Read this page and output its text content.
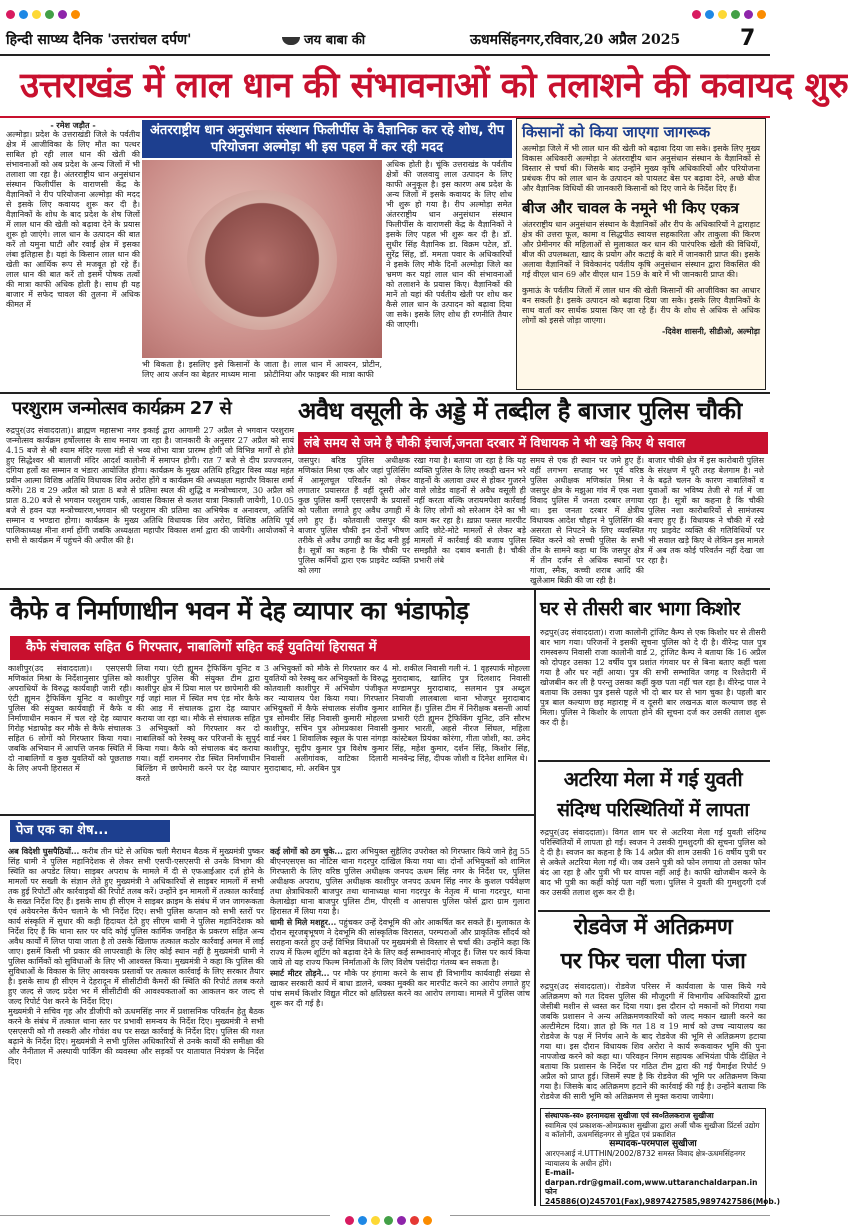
हिन्दी साप्ध्य दैनिक 'उत्तरांचल दर्पण'	जय बाबा की	ऊधमसिंहनगर,रविवार,20 अप्रैल 2025	7
उत्तराखंड में लाल धान की संभावनाओं को तलाशने की कवायद शुरु

- रमेश जड़ौत -

अल्मोड़ा। प्रदेश के उत्तराखंडी जिले के पर्वतीय क्षेत्र में आजीविका के लिए मौत का पत्थर साबित हो रही लाल धान की खेती की संभावनाओं को अब प्रदेश के अन्य जिलों में भी तलाशा जा रहा है। अंतरराष्ट्रीय धान अनुसंधान संस्थान फिलीपींस के वाराणसी केंद्र के वैज्ञानिकों ने रीप परियोजना अल्मोड़ा की मदद से इसके लिए कवायद शुरू कर दी है। वैज्ञानिकों के शोध के बाद प्रदेश के शेष जिलों में लाल धान की खेती को बढ़ावा देने के प्रयास शुरू हो जाएंगे। लाल धान के उत्पादन की बात करें तो यमुना घाटी और रवाईं क्षेत्र में इसका लंबा इतिहास है। यहां के किसान लाल धान की खेती का आर्थिक रूप से मजबूत हो रहे हैं। लाल धान की बात करें तो इसमें पोषक तत्वों की मात्रा काफी अधिक होती है। साथ ही यह बाजार में सफेद चावल की तुलना में अधिक कीमत में

अंतरराष्ट्रीय धान अनुसंधान संस्थान फिलीपींस के वैज्ञानिक कर रहे शोध, रीप परियोजना अल्मोड़ा भी इस पहल में कर रही मदद
भी बिकता है। इसलिए इसे किसानों के लिए आय अर्जन का बेहतर माध्यम माना
जाता है। लाल धान में आयरन, प्रोटीन, फ्रोटीनिया और फाइबर की मात्रा काफी
अधिक होती है। चूंकि उत्तराखंड के पर्वतीय क्षेत्रों की जलवायु लाल उत्पादन के लिए काफी अनुकूल है। इस कारण अब प्रदेश के अन्य जिलों में इसके कवायद के लिए शोध भी शुरू हो गया है। रीप अल्मोड़ा समेत अंतरराष्ट्रीय धान अनुसंधान संस्थान फिलीपींस के वाराणसी केंद्र के वैज्ञानिकों ने इसके लिए पहल भी शुरू कर दी है। डॉ. सुधीर सिंह वैज्ञानिक डा. विक्रम पटेल, डॉ. सुरेंद्र सिंह, डॉ. ममता पवार के अधिकारियों ने इसके लिए मौके दिनों अल्मोड़ा जिले का भ्रमण कर यहां लाल धान की संभावनाओं को तलाशने के प्रयास किए। वैज्ञानिकों की मानें तो यहां की पर्वतीय खेती पर शोध कर कैसे लाल धान के उत्पादन को बढ़ावा दिया जा सके। इसके लिए शोध ही रणनीति तैयार की जाएगी।
किसानों को किया जाएगा जागरूक
अल्मोड़ा जिले में भी लाल धान की खेती को बढ़ावा दिया जा सके। इसके लिए मुख्य विकास अधिकारी अल्मोड़ा ने अंतरराष्ट्रीय धान अनुसंधान संस्थान के वैज्ञानिकों से विस्तार से चर्चा की। जिसके बाद उन्होंने मुख्य कृषि अधिकारियों और परियोजना प्रबंधक रीप को लाल धान के उत्पादन को पायलट बेस पर बढ़ावा देने, अच्छे बीज और वैज्ञानिक विधियों की जानकारी किसानों को दिए जाने के निर्देश दिए हैं।
बीज और चावल के नमूने भी किए एकत्र
अंतरराष्ट्रीय धान अनुसंधान संस्थान के वैज्ञानिकों और रीप के अधिकारियों ने द्वाराहाट क्षेत्र की उत्तरा फूल, कामा व सिद्धपीठ स्वायत्त सहकारिता और ताकुला की किरण और प्रेमीनगर की महिलाओं से मुलाकात कर धान की पारंपरिक खेती की विधियों, बीज की उपलब्धता, खाद के प्रयोग और कटाई के बारे में जानकारी प्राप्त की। इसके अलावा वैज्ञानिकों ने विवेकानंद पर्वतीय कृषि अनुसंधान संस्थान द्वारा विकसित की गई वीएल धान 69 और वीएल धान 159 के बारे में भी जानकारी प्राप्त की।
कुमाऊं के पर्वतीय जिलों में लाल धान की खेती किसानों की आजीविका का आधार बन सकती है। इसके उत्पादन को बढ़ावा दिया जा सके। इसके लिए वैज्ञानिकों के साथ वार्ता कर सार्थक प्रयास किए जा रहे हैं। रीप के शोध से अधिक से अधिक लोगों को इससे जोड़ा जाएगा।
-दिवेश शासनी, सीडीओ, अल्मोड़ा
परशुराम जन्मोत्सव कार्यक्रम 27 से
रुद्रपुर(उद संवाददाता)। ब्राह्मण महासभा नगर इकाई द्वारा आगामी 27 अप्रैल से भगवान परशुराम जन्मोत्सव कार्यक्रम हर्षोल्लास के साथ मनाया जा रहा है। जानकारी के अनुसार 27 अप्रैल को सायं 4.15 बजे से श्री श्याम मंदिर गल्ला मंडी से भव्य शोभा यात्रा प्रारम्भ होगी जो विभिन्न मार्गों से होते हुए सिद्धेश्वर श्री बालाजी मंदिर आदर्श कालोनी में समापन होगी। रात 7 बजे से दीप प्रज्ज्वलन, दंगिया हलों का सम्मान व भंडारा आयोजित होगा। कार्यक्रम के मुख्य अतिथि हरिद्वार विस्व व्यक्ष महंत प्रवीन आत्मा विशिष्ठ अतिथि विधायक शिव अरोरा होंगे व कार्यक्रम की अध्यक्षता महापौर विकास शर्मा करेंगे। 28 व 29 अप्रैल को प्रातः 8 बजे से प्रतिमा स्थल की शुद्धि व मन्त्रोच्चारण, 30 अप्रैल को प्रातः 8.20 बजे से भगवान परशुराम पार्क, आवास विकास से कलश यात्रा निकाली जायेगी, 10.05 बजे से हवन यज्ञ मन्त्रोच्चारण,भगवान श्री परशुराम की प्रतिमा का अभिषेक व अनावरण, अतिथि सम्मान व भण्डारा होगा। कार्यक्रम के मुख्य अतिथि विधायक शिव अरोरा, विशिष्ठ अतिथि पूर्व पालिकाध्यक्ष मीना शर्मा होंगी जबकि अध्यक्षता महापौर विकास शर्मा द्वारा की जायेगी। आयोजकों ने सभी से कार्यक्रम में पहुंचने की अपील की है।
अवैध वसूली के अड्डे में तब्दील है बाजार पुलिस चौकी
लंबे समय से जमे है चौकी इंचार्ज,जनता दरबार में विधायक ने भी खड़े किए थे सवाल
जसपुर। बरिष्ठ पुलिस अधीक्षक मणिकांत मिश्रा एक और जहां पुलिसिंग में आमूलचूल परिवर्तन को लेकर लगातार प्रयासरत हैं वहीं दूसरी ओर कुछ पुलिस कर्मी एसएसपी के प्रयासों को पलीता लगाते हुए अवैध उगाही में लगे हुए हैं। कोतवाली जसपुर की बाजार पुलिस चौकी इन दोनों भीषण तरीके से अवैध उगाही का केंद्र बनी हुई है। सूत्रों का कहना है कि चौकी पर पुलिस कर्मियों द्वारा एक प्राइवेट व्यक्ति को लगा
रखा गया है। बताया जा रहा है कि यह व्यक्ति पुलिस के लिए लकड़ी खनन भरे वाहनों के अलावा उधर से होकर गुजरने वाले लोडेड वाहनों से अवैध वसूली ही नहीं करता बल्कि जरायमपेशा कार्रवाई के लिए लोगों को सरेआम देने का भी काम कर रहा है। ख़फ़ा फसल मारपीट आदि छोटे-मोटे मामलों से लेकर बड़े मामलों में कार्रवाई की बजाय पुलिस समझौते का दबाव बनाती है। चौकी प्रभारी लंबे
समय से एक ही स्थान पर जमे हुए हैं। वहीं लगभग सप्ताह भर पूर्व वरिष्ठ पुलिस अधीक्षक मणिकांत मिश्रा ने जसपुर क्षेत्र के मझुआ गांव में एक नशा विवाद पुलिस में जनता दरबार लगाया था। इस जनता दरबार में क्षेत्रीय विधायक आदेश चौहान ने पुलिसिंग की असरता से निपटने के लिए व्यवस्थित स्थित करने को सच्ची पुलिस के सभी तीन के सामने कहा था कि जसपुर क्षेत्र में तीन दर्जन से अधिक स्थानों पर गांजा, स्मैक, कच्ची शराब आदि की खुलेआम बिक्री की जा रही है।
बाजार चौकी क्षेत्र में इस कारोबारी पुलिस के संरक्षण में पूरी तरह बेलगाम है। नशे के बढ़ते चलन के कारण नाबालिकों व युवाओं का भविष्य तेजी से गर्त में जा रहा है। सूत्रों का कहना है कि चौकी पुलिस नशा कारोबारियों से सामंजस्य बनाए हुए हैं। विधायक ने चौकी में रखे गए प्राइवेट व्यक्ति की गतिविधियों पर भी सवाल खड़े किए थे लेकिन इस मामले में अब तक कोई परिवर्तन नहीं देखा जा रहा है।
कैफे व निर्माणाधीन भवन में देह व्यापार का भंडाफोड़
कैफे संचालक सहित 6 गिरफ्तार, नाबालिगों सहित कई युवतियां हिरासत में
काशीपुर(उद संवाददाता)। एसएसपी मणिकांत मिश्रा के निर्देशानुसार पुलिस को अपराधियों के विरुद्ध कार्यवाही जारी रही। एंटी ह्यूमन ट्रैफिकिंग यूनिट व काशीपुर पुलिस की संयुक्त कार्यवाही में कैफे व निर्माणाधीन मकान में चल रहे देह व्यापार गिरोह भंडाफोड़ कर मौके से कैफे संचालक सहित 6 लोगों को गिरफ्तार किया गया। जबकि अभियान में आपत्ति जनक स्थिति में दो नाबालिगों व कुछ युवतियों को पूछताछ के लिए अपनी हिरासत में
लिया गया। एंटी ह्यूमन ट्रैफिकिंग यूनिट व काशीपुर पुलिस की संयुक्त टीम द्वारा काशीपुर क्षेत्र में प्रिया माल पर छापेमारी की गई जहां माल में स्थित मच एंड मोर कैफे की आड़ में संचालक द्वारा देह व्यापार कराया जा रहा था। मौके से संचालक सहित 3 अभियुक्तों को गिरफ्तार कर दो नाबालिकों को रेस्क्यू कर परिजनों के सुपुर्द किया गया। कैफे को संचालक बंद कराया गया। वहीं रामनगर रोड स्थित निर्माणाधीन बिल्डिंग में छापेमारी करने पर देह व्यापार करते
3 अभियुक्तों को मौके से गिरफ्तार कर 4 युवतियों को रेस्क्यू कर अभियुक्तों के विरुद्ध कोतवाली काशीपुर में अभियोग पंजीकृत कर न्यायालय पेश किया गया। गिरफ्तार अभियुक्तों में कैफे संचालक संजीव कुमार पुत्र सोमवीर सिंह निवासी कुमारी मोहल्ला काशीपुर, सचिन पुत्र ओमप्रकाश निवासी वार्ड नंबर 1 शिवालिक स्कूल के पास नांगड़ा काशीपुर, सुदीप कुमार पुत्र विशेष कुमार निवासी अलीगांवक, वाटिका दिलारी मुरादाबाद, मो. अरबिन पुत्र
मो. शकील निवासी गली नं. 1 वृहस्पार्क मोहल्ला मुरादाबाद, खालिद पुत्र दिलशाद निवासी मण्डामपुर मुरादाबाद, सलमान पुत्र अब्दुल नियाजी लालबाला थाना भोजपुर मुरादाबाद शामिल हैं। पुलिस टीम में निरीक्षक बसन्ती आर्या प्रभारी एंटी ह्यूमन ट्रैफिकिंग यूनिट, उनि सौरभ कुमार भारती, अहसे नीरज सिंघल, महिला कांस्टेबल प्रियंका कोरंगा, गीता जोशी, का. उमेद सिंह, महेश कुमार, दर्शन सिंह, किशोर सिंह, मानवेन्द्र सिंह, दीपक जोशी व दिनेश शामिल थे।
घर से तीसरी बार भागा किशोर
रुद्रपुर(उद संवाददाता)। राजा कालोनी ट्रांजिट कैम्प से एक किशोर घर से तीसरी बार भाग गया। परिजनों ने इसकी सूचना पुलिस को दे दी है। वीरेन्द्र पाल पुत्र रामस्वरूप निवासी राजा कालोनी वार्ड 2, ट्रांजिट कैम्प ने बताया कि 16 अप्रैल को दोपहर उसका 12 वर्षीय पुत्र प्रशांत गंगवार घर से बिना बताए कहीं चला गया है और घर नहीं आया। पुत्र की सभी सम्भावित जगह व रिश्तेदारी में खोजबीन कर ली है परन्तु उसका कहीं कुछ पता नहीं चल रहा है। वीरेन्द्र पाल ने बताया कि उसका पुत्र इससे पहले भी दो बार घर से भाग चुका है। पहली बार पुत्र बाल कल्याण छह महाराष्ट्र में व दूसरी बार लखनऊ बाल कल्याण छह से मिला। पुलिस ने किशोर के लापता होने की सूचना दर्ज कर उसकी तलाश शुरू कर दी है।
अटरिया मेला में गई युवती
संदिग्ध परिस्थितियों में लापता
रुद्रपुर(उद संवाददाता)। विगत शाम घर से अटरिया मेला गई युवती संदिग्ध परिस्थितियों में लापता हो गई। स्वजन ने उसकी गुमशुदगी की सूचना पुलिस को दे दी है। स्वजन का कहना है कि 14 अप्रैल की शाम उसकी 16 वर्षीय पुत्री घर से अकेले अटरिया मेला गई थी। जब उसने पुत्री को फोन लगाया तो उसका फोन बंद आ रहा है और पुत्री भी घर वापस नहीं आई है। काफी खोजबीन करने के बाद भी पुत्री का कहीं कोई पता नहीं चला। पुलिस ने युवती की गुमशुदगी दर्ज कर उसकी तलाश शुरू कर दी है।
रोडवेज में अतिक्रमण
पर फिर चला पीला पंजा
रुद्रपुर(उद संवाददाता)। रोडवेज परिसर में कार्यवाला के पास किये गये अतिक्रमण को गत दिवस पुलिस की मौजूदगी में विभागीय अधिकारियों द्वारा जेसीबी मशीन से ध्वस्त कर दिया गया। इस दौरान दो मकानों को गिराया गया जबकि प्रशासन ने अन्य अतिक्रमणकारियों को जल्द मकान खाली करने का अल्टीमेटम दिया। ज्ञात हो कि गत 18 व 19 मार्च को उच्च न्यायालय का रोडवेज के पक्ष में निर्णय आने के बाद रोडवेज की भूमि से अतिक्रमण हटाया गया था। इस दौरान विधायक शिव अरोरा ने कार्य रूकवाकर भूमि की पुनः नापजोख करने को कहा था। परिवहन निगम सहायक अभियंता पीके दीक्षित ने बताया कि प्रशासन के निर्देश पर गठित टीम द्वारा की गई पैमाईश रिपोर्ट 9 अप्रैल को प्राप्त हुई। जिसमें स्पष्ट है कि रोडवेज की भूमि पर अतिक्रमण किया गया है। जिसके बाद अतिक्रमण हटाने की कार्रवाई की गई है। उन्होंने बताया कि रोडवेज की सारी भूमि को अतिक्रमण से मुक्त कराया जायेगा।
संस्थापक-स्व० हरनामदास सुखीजा एवं स्व०तिलकराज सुखीजा
स्वामित्व एवं प्रकाशक-ओमप्रकाश सुखीजा द्वारा अर्जी चौक सुखीजा प्रिंटर्स उद्योग व कॉलोनी, ऊधमसिंहनगर से मुद्रित एवं प्रकाशित
सम्पादक-परमपाल सुखीजा
आरएनआई नं.UTTHIN/2002/8732 समस्त विवाद क्षेत्र-ऊधमसिंहनगर न्यायालय के अधीन होंगे।
E-mail-darpan.rdr@gmail.com,www.uttaranchaldarpan.in
फोन 245886(O)245701(Fax),9897427585,9897427586(Mob.)
पेज एक का शेष...

अब विदेशी घुसपैठियों... करीब तीन घंटे से अधिक चली मैराथन बैठक में मुख्यमंत्री पुष्कर सिंह धामी ने पुलिस महानिदेशक से लेकर सभी एसपी-एसएसपी से उनके विभाग की स्थिति का अपडेट लिया। साइबर अपराध के मामले में दी से एफआईआर दर्ज होने के मामलों पर सख्ती के संज्ञान लेते हुए मुख्यमंत्री ने अधिकारियों से साइबर मामलों में सभी तक हुई रिपोर्टों और कार्रवाइयों की रिपोर्ट तलब करें। उन्होंने इन मामलों में तत्काल कार्रवाई के सख्त निर्देश दिए हैं। इसके साथ ही सीएम ने साइबर क्राइम के संबंध में जन जागरूकता एवं अवेयरनेस कैंपेन चलाने के भी निर्देश दिए। सभी पुलिस कप्तान को सभी स्तरों पर कार्य संस्कृति में सुधार की कड़ी हिदायत देते हुए सीएम धामी ने पुलिस महानिदेशक को निर्देश दिए हैं कि थाना स्तर पर यदि कोई पुलिस कार्मिक जनहित के प्रकरण सहित अन्य अवैध कार्यों में लिप्त पाया जाता है तो उसके खिलाफ तत्काल कठोर कार्रवाई अमल में लाई जाए। इसमें किसी भी प्रकार की लापरवाही के लिए कोई स्थान नहीं है मुख्यमंत्री धामी ने पुलिस कार्मिकों को सुविधाओं के लिए भी आश्वस्त किया। मुख्यमंत्री ने कहा कि पुलिस की सुविधाओं के विकास के लिए आवश्यक प्रस्तावों पर तत्काल कार्रवाई के लिए सरकार तैयार है। इसके साथ ही सीएम ने देहरादून में सीसीटीवी कैमरों की स्थिति की रिपोर्ट तलब करते हुए जल्द से जल्द प्रदेश भर में सीसीटीवी की आवश्यकताओं का आकलन कर जल्द से जल्द रिपोर्ट पेश करने के निर्देश दिए।

मुख्यमंत्री ने सचिव गृह और डीजीपी को ऊधमसिंह नगर में प्रशासनिक परिवर्तन हेतु बैठक करने के संबंध में तत्काल थाना स्तर पर प्रभावी समन्वय के निर्देश दिए। मुख्यमंत्री ने सभी एसएसपी को गौ तस्करी और गोवंश वध पर सख्त कार्रवाई के निर्देश दिए। पुलिस की गश्त बढ़ाने के निर्देश दिए। मुख्यमंत्री ने सभी पुलिस अधिकारियों से उनके कार्यों की समीक्षा की और नैनीताल में अस्थायी पार्किंग की व्यवस्था और सड़कों पर यातायात नियंत्रण के निर्देश दिए।

कई लोगों को ठग चुके... द्वारा अभियुक्त सुहैलिद उपरोक्त को गिरफ्तार किये जाने हेतु 55 बीएनएसएस का नोटिस थाना गदरपुर दाखिल किया गया था। दोनों अभियुक्तों को शामिल गिरफ्तारी के लिए वरिष्ठ पुलिस अधीक्षक जनपद ऊधम सिंह नगर के निर्देश पर, पुलिस अधीक्षक अपराध, पुलिस अधीक्षक काशीपुर जनपद ऊधम सिंह नगर के कुशल पर्यवेक्षण तथा क्षेत्राधिकारी बाजपुर तथा थानाध्यक्ष थाना गदरपुर के नेतृत्व में थाना गदरपुर, थाना केलाखेड़ा थाना बाजपुर पुलिस टीम, पीएसी व आसपास पुलिस फोर्स द्वारा ग्राम गुलारा हिरासत में लिया गया है।

धामी से मिले मशहूर... पहुंचकर उन्हें देवभूमि की ओर आकर्षित कर सकते हैं। मुलाकात के दौरान सूरजबृभूषण ने देवभूमि की सांस्कृतिक विरासत, परम्पराओं और प्राकृतिक सौंदर्य को सराहना करते हुए उन्हें विभिन्न विधाओं पर मुख्यमंत्री से विस्तार से चर्चा की। उन्होंने कहा कि राज्य में फिल्म शूटिंग को बढ़ावा देने के लिए कई सम्भावनाएं मौजूद हैं। जिस पर कार्य किया जाये तो यह राज्य फिल्म निर्माताओं के लिए विशेष पसंदीदा गंतव्य बन सकता है।

स्मार्ट मीटर तोड़ने... पर मौके पर हंगामा करने के साथ ही विभागीय कार्यवाही संख्या से खाकर सरकारी कार्य में बाधा डालने, धक्का मुक्की कर मारपीट करने का आरोप लगाते हुए पांच समर्थ किशोर विद्युत मीटर को क्षतिग्रस्त करने का आरोप लगाया। मामले में पुलिस जांच शुरू कर दी गई है।
